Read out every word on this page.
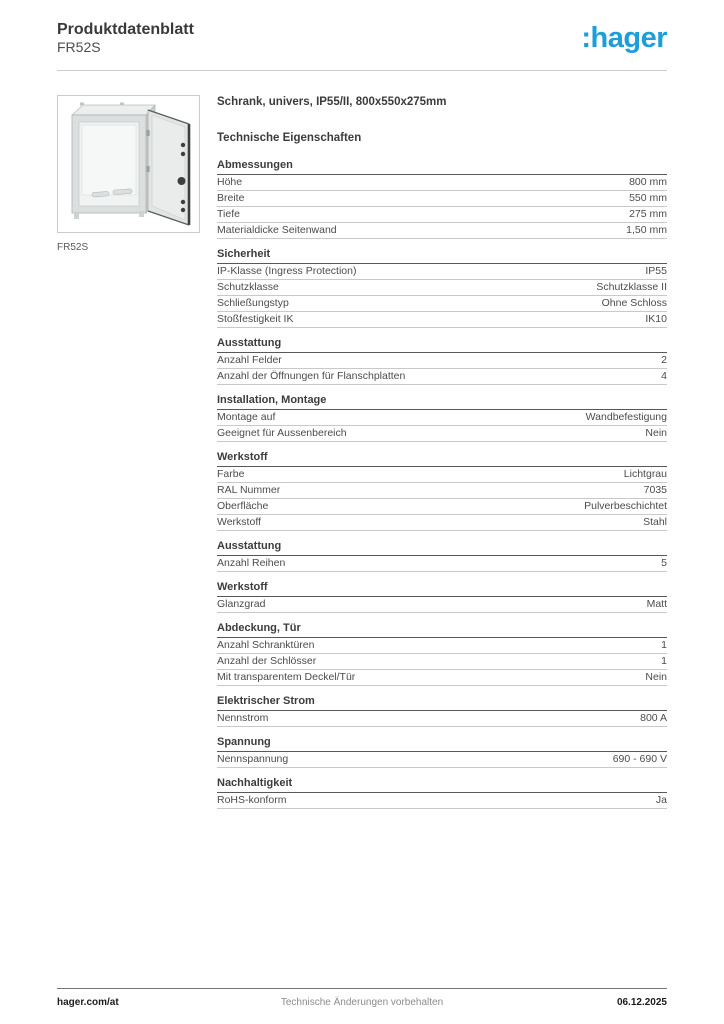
Produktdatenblatt
FR52S	:hager
FR52S
Schrank, univers, IP55/II, 800x550x275mm
Technische Eigenschaften
Abmessungen
Höhe	800 mm
Breite	550 mm
Tiefe	275 mm
Materialdicke Seitenwand	1,50 mm
Sicherheit
IP-Klasse (Ingress Protection)	IP55
Schutzklasse	Schutzklasse II
Schließungstyp	Ohne Schloss
Stoßfestigkeit IK	IK10
Ausstattung
Anzahl Felder	2
Anzahl der Öffnungen für Flanschplatten	4
Installation, Montage
Montage auf	Wandbefestigung
Geeignet für Aussenbereich	Nein
Werkstoff
Farbe	Lichtgrau
RAL Nummer	7035
Oberfläche	Pulverbeschichtet
Werkstoff	Stahl
Ausstattung
Anzahl Reihen	5
Werkstoff
Glanzgrad	Matt
Abdeckung, Tür
Anzahl Schranktüren	1
Anzahl der Schlösser	1
Mit transparentem Deckel/Tür	Nein
Elektrischer Strom
Nennstrom	800 A
Spannung
Nennspannung	690 - 690 V
Nachhaltigkeit
RoHS-konform	Ja
hager.com/at	Technische Änderungen vorbehalten	06.12.2025
